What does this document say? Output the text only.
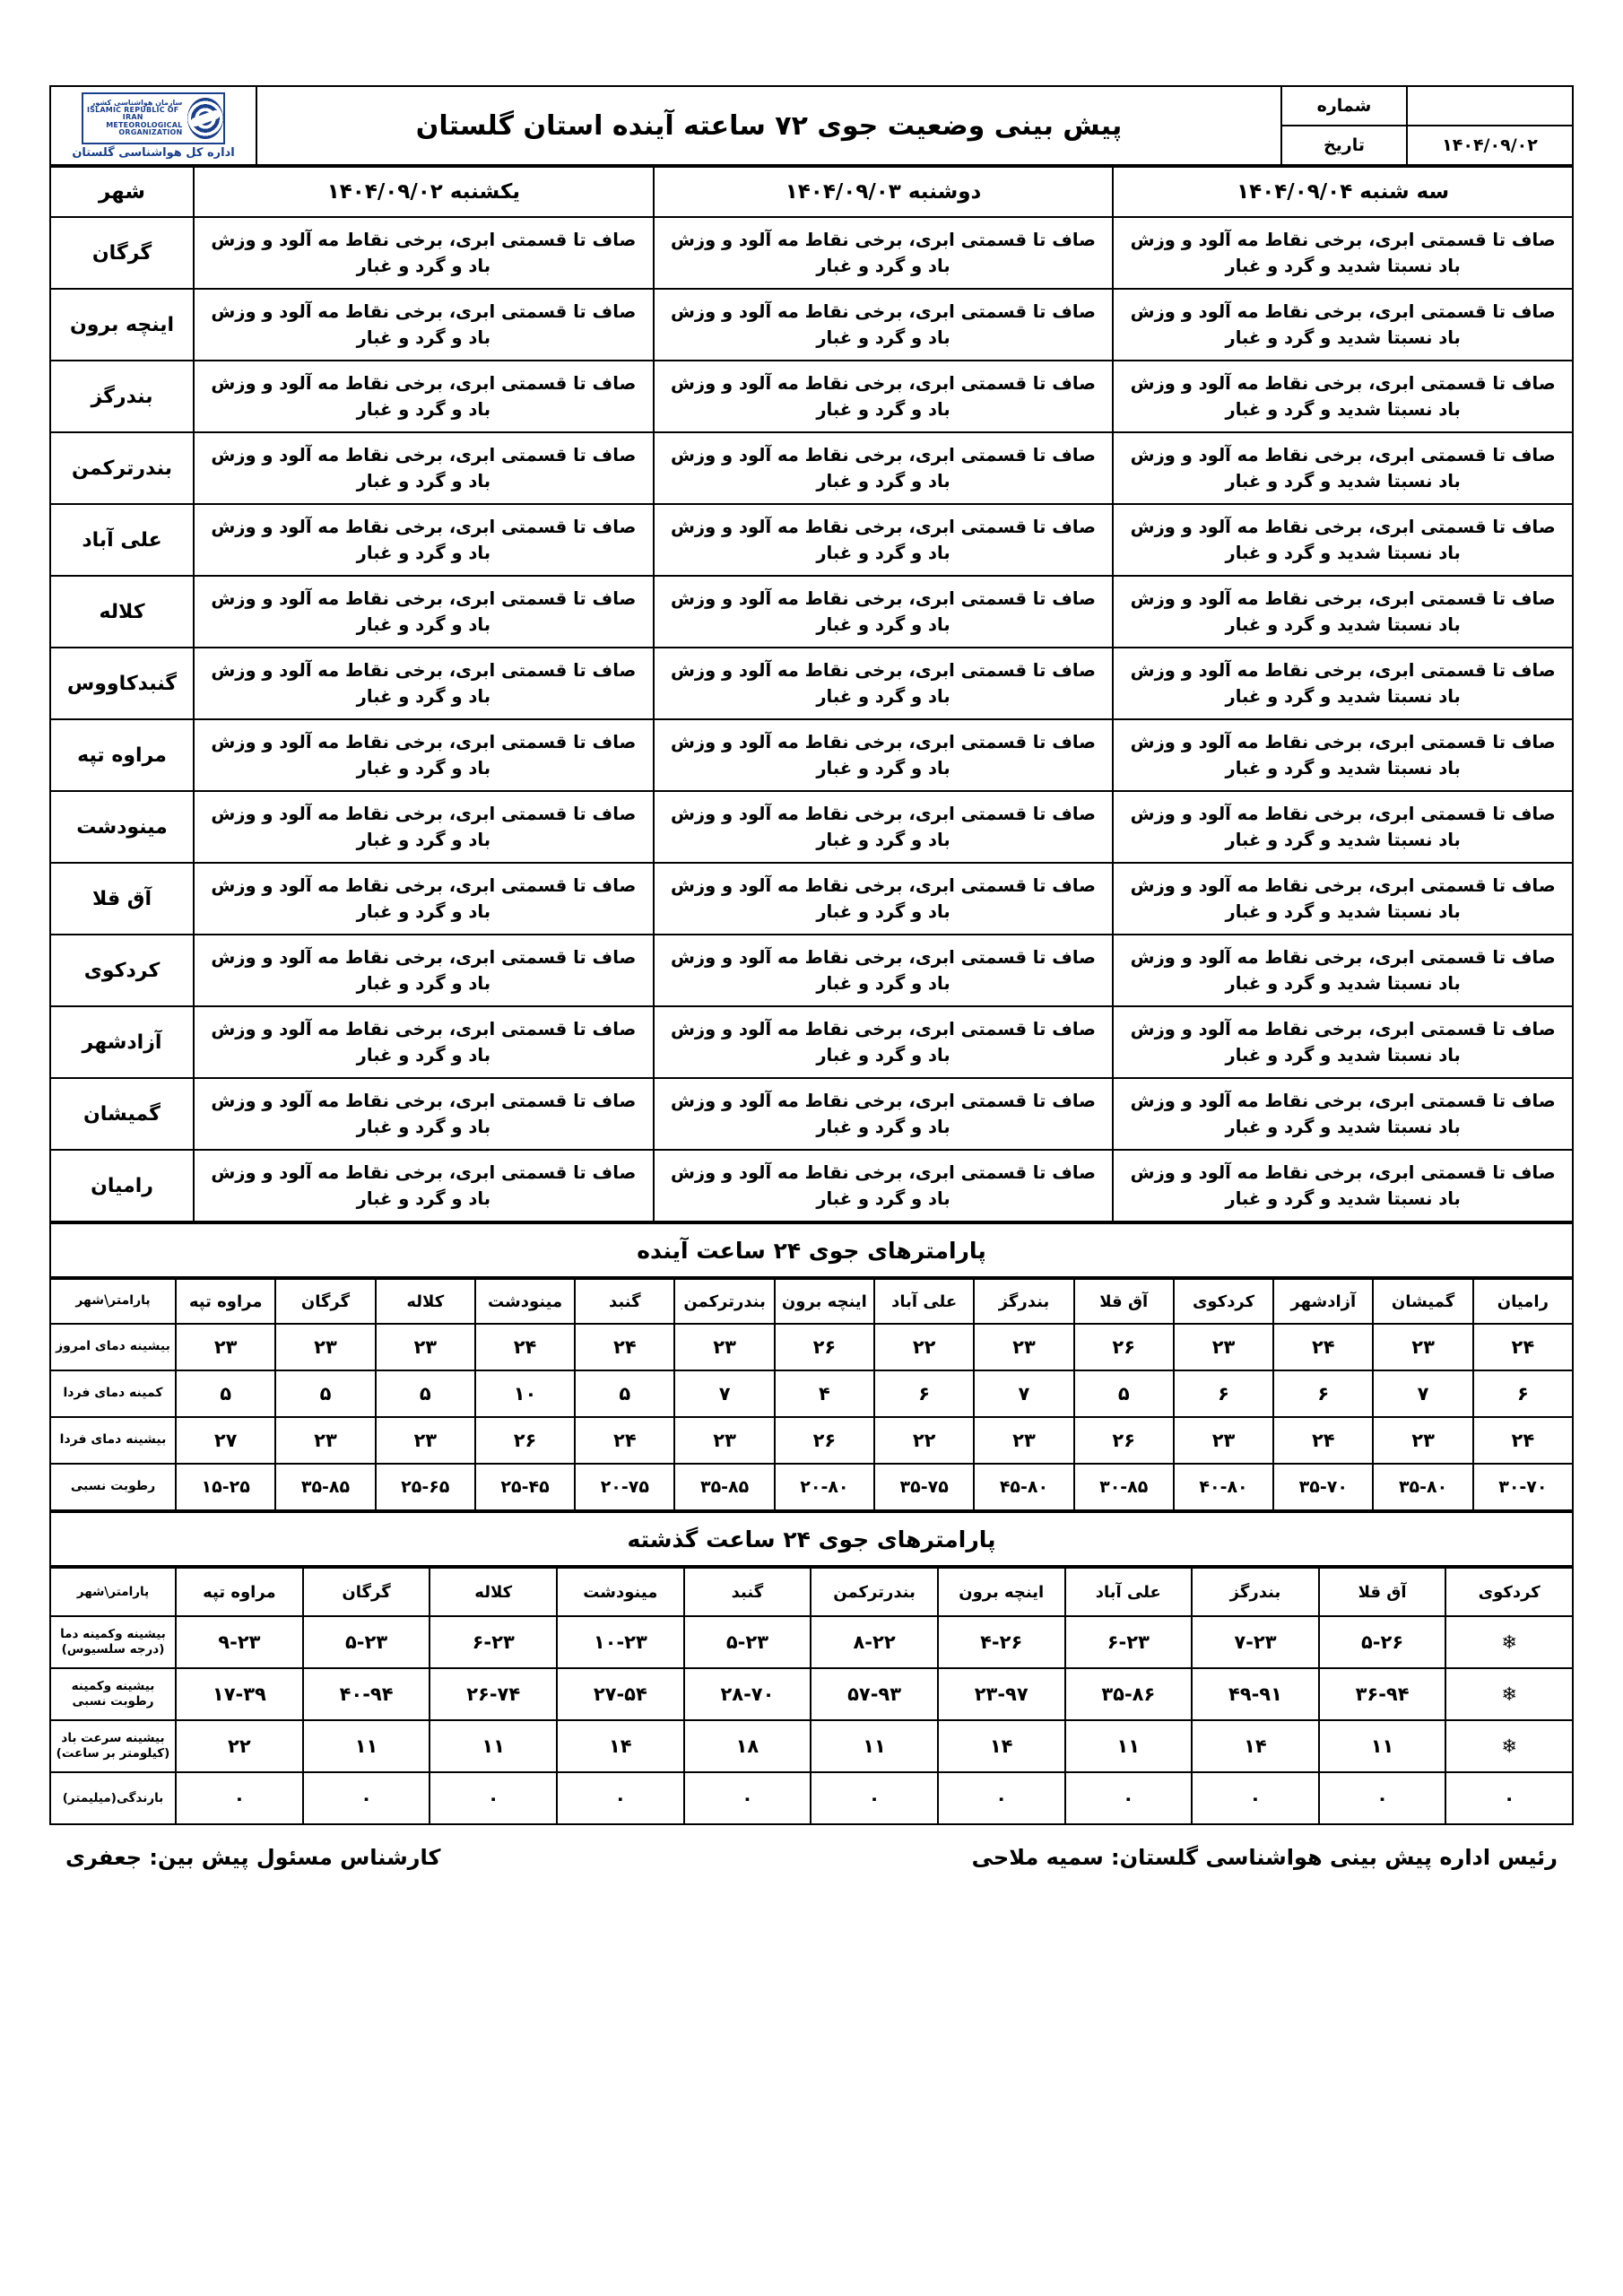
	شماره	پیش بینی وضعیت جوی ۷۲ ساعته آینده استان گلستان	سازمان هواشناسی کشور
ISLAMIC REPUBLIC OF IRAN
METEOROLOGICAL
ORGANIZATION
اداره کل هواشناسی گلستان

۱۴۰۴/۰۹/۰۲	تاریخ		
سه شنبه ۱۴۰۴/۰۹/۰۴	دوشنبه ۱۴۰۴/۰۹/۰۳	یکشنبه ۱۴۰۴/۰۹/۰۲	شهر
صاف تا قسمتی ابری، برخی نقاط مه آلود و وزش باد نسبتا شدید و گرد و غبار	صاف تا قسمتی ابری، برخی نقاط مه آلود و وزش باد و گرد و غبار	صاف تا قسمتی ابری، برخی نقاط مه آلود و وزش باد و گرد و غبار	گرگان
صاف تا قسمتی ابری، برخی نقاط مه آلود و وزش باد نسبتا شدید و گرد و غبار	صاف تا قسمتی ابری، برخی نقاط مه آلود و وزش باد و گرد و غبار	صاف تا قسمتی ابری، برخی نقاط مه آلود و وزش باد و گرد و غبار	اینچه برون
صاف تا قسمتی ابری، برخی نقاط مه آلود و وزش باد نسبتا شدید و گرد و غبار	صاف تا قسمتی ابری، برخی نقاط مه آلود و وزش باد و گرد و غبار	صاف تا قسمتی ابری، برخی نقاط مه آلود و وزش باد و گرد و غبار	بندرگز
صاف تا قسمتی ابری، برخی نقاط مه آلود و وزش باد نسبتا شدید و گرد و غبار	صاف تا قسمتی ابری، برخی نقاط مه آلود و وزش باد و گرد و غبار	صاف تا قسمتی ابری، برخی نقاط مه آلود و وزش باد و گرد و غبار	بندرترکمن
صاف تا قسمتی ابری، برخی نقاط مه آلود و وزش باد نسبتا شدید و گرد و غبار	صاف تا قسمتی ابری، برخی نقاط مه آلود و وزش باد و گرد و غبار	صاف تا قسمتی ابری، برخی نقاط مه آلود و وزش باد و گرد و غبار	علی آباد
صاف تا قسمتی ابری، برخی نقاط مه آلود و وزش باد نسبتا شدید و گرد و غبار	صاف تا قسمتی ابری، برخی نقاط مه آلود و وزش باد و گرد و غبار	صاف تا قسمتی ابری، برخی نقاط مه آلود و وزش باد و گرد و غبار	کلاله
صاف تا قسمتی ابری، برخی نقاط مه آلود و وزش باد نسبتا شدید و گرد و غبار	صاف تا قسمتی ابری، برخی نقاط مه آلود و وزش باد و گرد و غبار	صاف تا قسمتی ابری، برخی نقاط مه آلود و وزش باد و گرد و غبار	گنبدکاووس
صاف تا قسمتی ابری، برخی نقاط مه آلود و وزش باد نسبتا شدید و گرد و غبار	صاف تا قسمتی ابری، برخی نقاط مه آلود و وزش باد و گرد و غبار	صاف تا قسمتی ابری، برخی نقاط مه آلود و وزش باد و گرد و غبار	مراوه تپه
صاف تا قسمتی ابری، برخی نقاط مه آلود و وزش باد نسبتا شدید و گرد و غبار	صاف تا قسمتی ابری، برخی نقاط مه آلود و وزش باد و گرد و غبار	صاف تا قسمتی ابری، برخی نقاط مه آلود و وزش باد و گرد و غبار	مینودشت
صاف تا قسمتی ابری، برخی نقاط مه آلود و وزش باد نسبتا شدید و گرد و غبار	صاف تا قسمتی ابری، برخی نقاط مه آلود و وزش باد و گرد و غبار	صاف تا قسمتی ابری، برخی نقاط مه آلود و وزش باد و گرد و غبار	آق قلا
صاف تا قسمتی ابری، برخی نقاط مه آلود و وزش باد نسبتا شدید و گرد و غبار	صاف تا قسمتی ابری، برخی نقاط مه آلود و وزش باد و گرد و غبار	صاف تا قسمتی ابری، برخی نقاط مه آلود و وزش باد و گرد و غبار	کردکوی
صاف تا قسمتی ابری، برخی نقاط مه آلود و وزش باد نسبتا شدید و گرد و غبار	صاف تا قسمتی ابری، برخی نقاط مه آلود و وزش باد و گرد و غبار	صاف تا قسمتی ابری، برخی نقاط مه آلود و وزش باد و گرد و غبار	آزادشهر
صاف تا قسمتی ابری، برخی نقاط مه آلود و وزش باد نسبتا شدید و گرد و غبار	صاف تا قسمتی ابری، برخی نقاط مه آلود و وزش باد و گرد و غبار	صاف تا قسمتی ابری، برخی نقاط مه آلود و وزش باد و گرد و غبار	گمیشان
صاف تا قسمتی ابری، برخی نقاط مه آلود و وزش باد نسبتا شدید و گرد و غبار	صاف تا قسمتی ابری، برخی نقاط مه آلود و وزش باد و گرد و غبار	صاف تا قسمتی ابری، برخی نقاط مه آلود و وزش باد و گرد و غبار	رامیان
پارامترهای جوی ۲۴ ساعت آینده
رامیان	گمیشان	آزادشهر	کردکوی	آق قلا	بندرگز	علی آباد	اینچه برون	بندرترکمن	گنبد	مینودشت	کلاله	گرگان	مراوه تپه	پارامتر\شهر
۲۴	۲۳	۲۴	۲۳	۲۶	۲۳	۲۲	۲۶	۲۳	۲۴	۲۴	۲۳	۲۳	۲۳	بیشینه دمای امروز
۶	۷	۶	۶	۵	۷	۶	۴	۷	۵	۱۰	۵	۵	۵	کمینه دمای فردا
۲۴	۲۳	۲۴	۲۳	۲۶	۲۳	۲۲	۲۶	۲۳	۲۴	۲۶	۲۳	۲۳	۲۷	بیشینه دمای فردا
۳۰-۷۰	۳۵-۸۰	۳۵-۷۰	۴۰-۸۰	۳۰-۸۵	۴۵-۸۰	۳۵-۷۵	۲۰-۸۰	۳۵-۸۵	۲۰-۷۵	۲۵-۴۵	۲۵-۶۵	۳۵-۸۵	۱۵-۲۵	رطوبت نسبی
پارامترهای جوی ۲۴ ساعت گذشته
کردکوی	آق قلا	بندرگز	علی آباد	اینچه برون	بندرترکمن	گنبد	مینودشت	کلاله	گرگان	مراوه تپه	پارامتر\شهر
❄	۵-۲۶	۷-۲۳	۶-۲۳	۴-۲۶	۸-۲۲	۵-۲۳	۱۰-۲۳	۶-۲۳	۵-۲۳	۹-۲۳	بیشینه وکمینه دما (درجه سلسیوس)
❄	۳۶-۹۴	۴۹-۹۱	۳۵-۸۶	۲۳-۹۷	۵۷-۹۳	۲۸-۷۰	۲۷-۵۴	۲۶-۷۴	۴۰-۹۴	۱۷-۳۹	بیشینه وکمینه رطوبت نسبی
❄	۱۱	۱۴	۱۱	۱۴	۱۱	۱۸	۱۴	۱۱	۱۱	۲۲	بیشینه سرعت باد (کیلومتر بر ساعت)
۰	۰	۰	۰	۰	۰	۰	۰	۰	۰	۰	بارندگی(میلیمتر)
رئیس اداره پیش بینی هواشناسی گلستان: سمیه ملاحی
کارشناس مسئول پیش بین: جعفری
